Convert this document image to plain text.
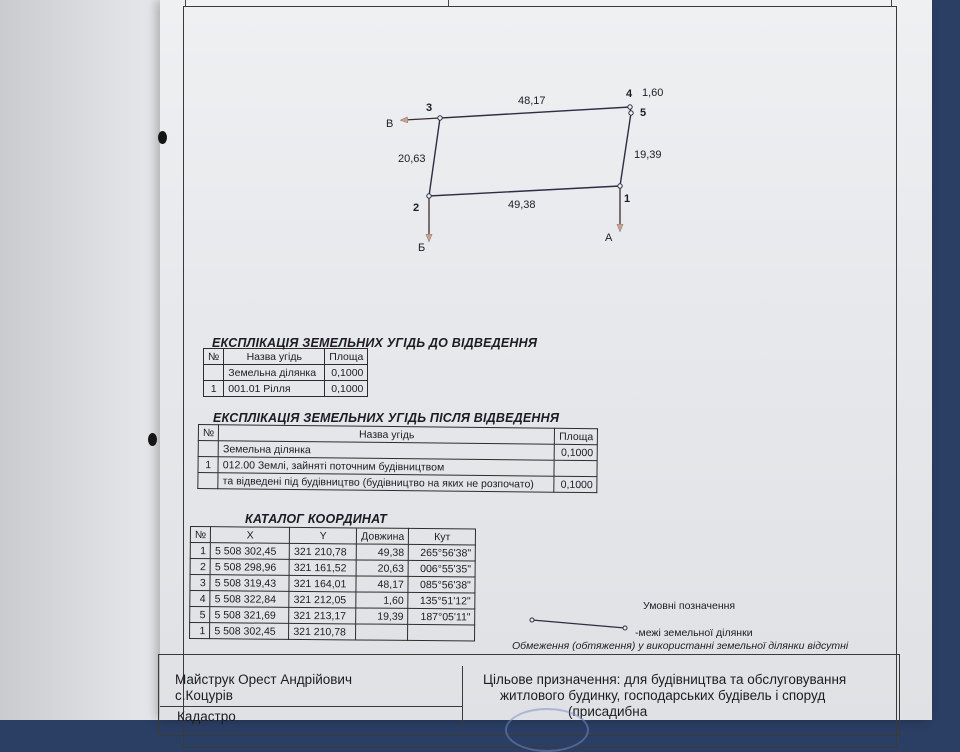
1
2
3
4
5
48,17
20,63	19,39
49,38
1,60
А
Б
В
ЕКСПЛІКАЦІЯ ЗЕМЕЛЬНИХ УГІДЬ ДО ВІДВЕДЕННЯ
№	Назва угідь	Площа
	Земельна ділянка	0,1000
1	001.01 Рілля	0,1000
ЕКСПЛІКАЦІЯ ЗЕМЕЛЬНИХ УГІДЬ ПІСЛЯ ВІДВЕДЕННЯ
№	Назва угідь	Площа
	Земельна ділянка	0,1000
1	012.00 Землі, зайняті поточним будівництвом	
	та відведені під будівництво (будівництво на яких не розпочато)	0,1000
КАТАЛОГ КООРДИНАТ
№	X	Y	Довжина	Кут
1	5 508 302,45	321 210,78	49,38	265°56'38"
2	5 508 298,96	321 161,52	20,63	006°55'35"
3	5 508 319,43	321 164,01	48,17	085°56'38"
4	5 508 322,84	321 212,05	1,60	135°51'12"
5	5 508 321,69	321 213,17	19,39	187°05'11"
1	5 508 302,45	321 210,78		
Умовні позначення
-межі земельної ділянки
Обмеження (обтяження) у використанні земельної ділянки відсутні
Майструк Орест Андрійович
с.Коцурів
Кадастро
Цільове призначення: для будівництва та обслуговування
житлового будинку, господарських будівель і споруд
(присадибна
